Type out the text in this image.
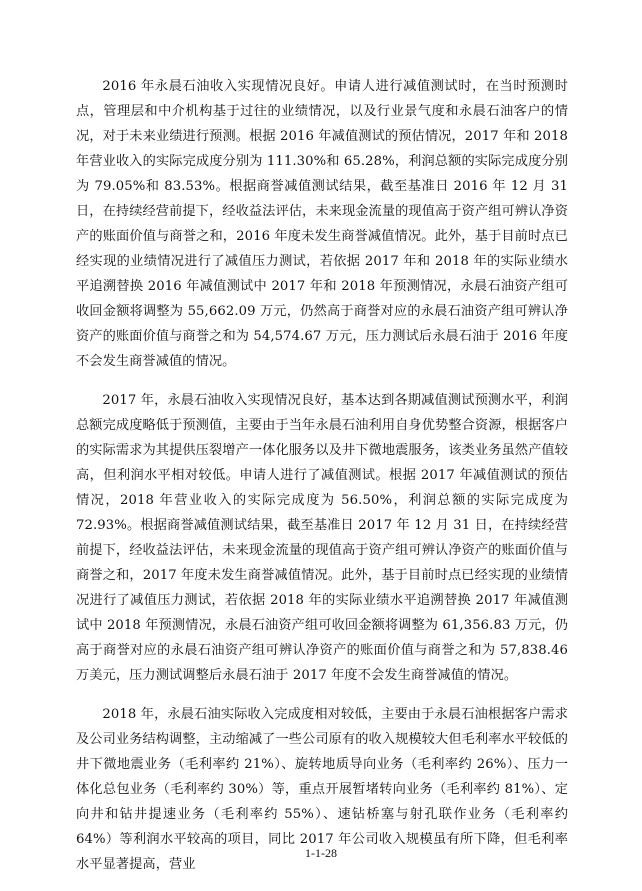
2016 年永晨石油收入实现情况良好。申请人进行减值测试时，在当时预测时点，管理层和中介机构基于过往的业绩情况，以及行业景气度和永晨石油客户的情况，对于未来业绩进行预测。根据 2016 年减值测试的预估情况，2017 年和 2018 年营业收入的实际完成度分别为 111.30%和 65.28%，利润总额的实际完成度分别为 79.05%和 83.53%。根据商誉减值测试结果，截至基准日 2016 年 12 月 31 日，在持续经营前提下，经收益法评估，未来现金流量的现值高于资产组可辨认净资产的账面价值与商誉之和，2016 年度未发生商誉减值情况。此外，基于目前时点已经实现的业绩情况进行了减值压力测试，若依据 2017 年和 2018 年的实际业绩水平追溯替换 2016 年减值测试中 2017 年和 2018 年预测情况，永晨石油资产组可收回金额将调整为 55,662.09 万元，仍然高于商誉对应的永晨石油资产组可辨认净资产的账面价值与商誉之和为 54,574.67 万元，压力测试后永晨石油于 2016 年度不会发生商誉减值的情况。

2017 年，永晨石油收入实现情况良好，基本达到各期减值测试预测水平，利润总额完成度略低于预测值，主要由于当年永晨石油利用自身优势整合资源，根据客户的实际需求为其提供压裂增产一体化服务以及井下微地震服务，该类业务虽然产值较高，但利润水平相对较低。申请人进行了减值测试。根据 2017 年减值测试的预估情况，2018 年营业收入的实际完成度为 56.50%，利润总额的实际完成度为 72.93%。根据商誉减值测试结果，截至基准日 2017 年 12 月 31 日，在持续经营前提下，经收益法评估，未来现金流量的现值高于资产组可辨认净资产的账面价值与商誉之和，2017 年度未发生商誉减值情况。此外，基于目前时点已经实现的业绩情况进行了减值压力测试，若依据 2018 年的实际业绩水平追溯替换 2017 年减值测试中 2018 年预测情况，永晨石油资产组可收回金额将调整为 61,356.83 万元，仍高于商誉对应的永晨石油资产组可辨认净资产的账面价值与商誉之和为 57,838.46 万美元，压力测试调整后永晨石油于 2017 年度不会发生商誉减值的情况。

2018 年，永晨石油实际收入完成度相对较低，主要由于永晨石油根据客户需求及公司业务结构调整，主动缩减了一些公司原有的收入规模较大但毛利率水平较低的井下微地震业务（毛利率约 21%）、旋转地质导向业务（毛利率约 26%）、压力一体化总包业务（毛利率约 30%）等，重点开展暂堵转向业务（毛利率约 81%）、定向井和钻井提速业务（毛利率约 55%）、速钻桥塞与射孔联作业务（毛利率约 64%）等利润水平较高的项目，同比 2017 年公司收入规模虽有所下降，但毛利率水平显著提高，营业

1-1-28
